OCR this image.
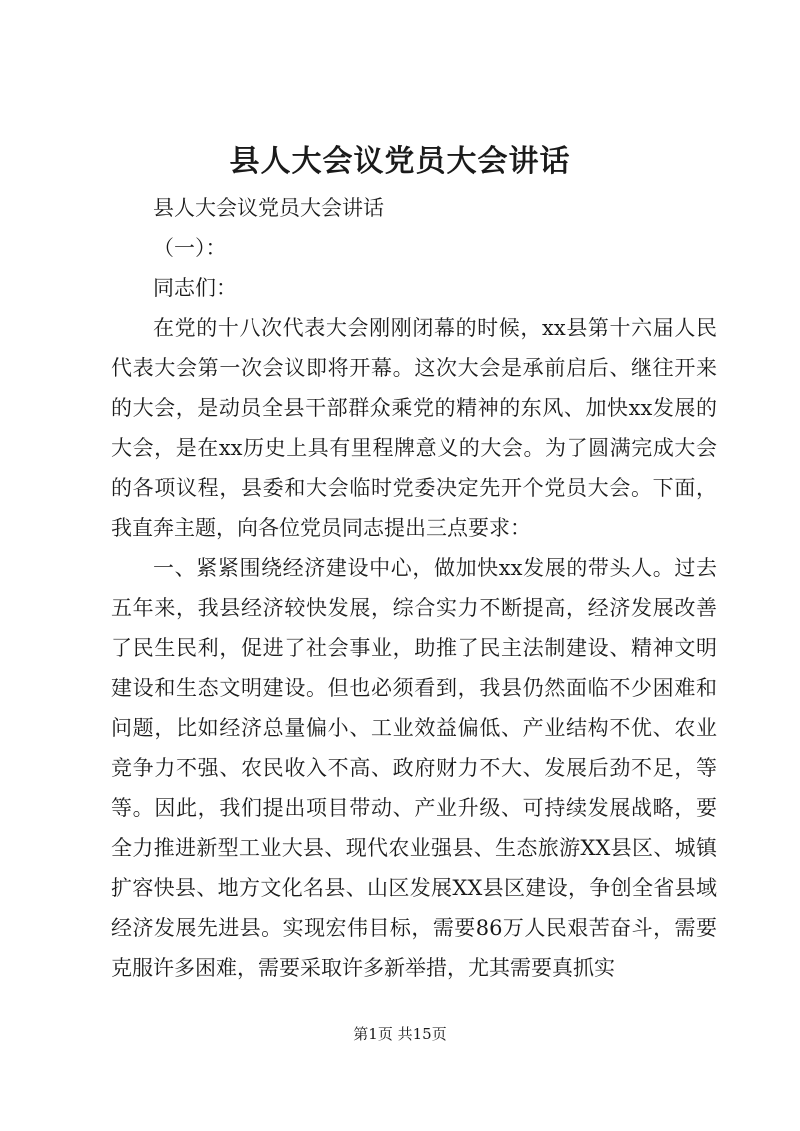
县人大会议党员大会讲话

县人大会议党员大会讲话

（一）：

同志们：

在党的十八次代表大会刚刚闭幕的时候，xx县第十六届人民代表大会第一次会议即将开幕。这次大会是承前启后、继往开来的大会，是动员全县干部群众乘党的精神的东风、加快xx发展的大会，是在xx历史上具有里程牌意义的大会。为了圆满完成大会的各项议程，县委和大会临时党委决定先开个党员大会。下面，我直奔主题，向各位党员同志提出三点要求：

一、紧紧围绕经济建设中心，做加快xx发展的带头人。过去五年来，我县经济较快发展，综合实力不断提高，经济发展改善了民生民利，促进了社会事业，助推了民主法制建设、精神文明建设和生态文明建设。但也必须看到，我县仍然面临不少困难和问题，比如经济总量偏小、工业效益偏低、产业结构不优、农业竞争力不强、农民收入不高、政府财力不大、发展后劲不足，等等。因此，我们提出项目带动、产业升级、可持续发展战略，要全力推进新型工业大县、现代农业强县、生态旅游XX县区、城镇扩容快县、地方文化名县、山区发展XX县区建设，争创全省县域经济发展先进县。实现宏伟目标，需要86万人民艰苦奋斗，需要克服许多困难，需要采取许多新举措，尤其需要真抓实

第1页 共15页
